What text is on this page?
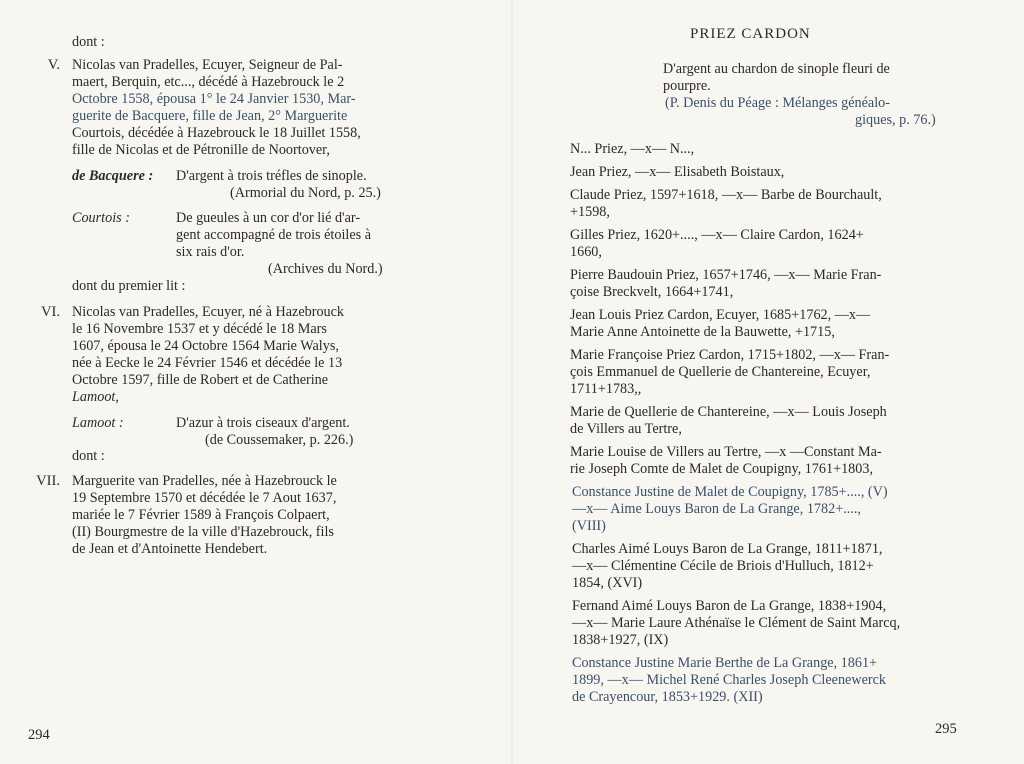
dont :
V. Nicolas van Pradelles, Ecuyer, Seigneur de Pal-
maert, Berquin, etc..., décédé à Hazebrouck le 2
Octobre 1558, épousa 1° le 24 Janvier 1530, Mar-
guerite de Bacquere, fille de Jean, 2° Marguerite
Courtois, décédée à Hazebrouck le 18 Juillet 1558,
fille de Nicolas et de Pétronille de Noortover,
de Bacquere : D'argent à trois tréfles de sinople.
(Armorial du Nord, p. 25.)
Courtois :	De gueules à un cor d'or lié d'ar-
gent accompagné de trois étoiles à
six rais d'or.
(Archives du Nord.)
dont du premier lit :
VI. Nicolas van Pradelles, Ecuyer, né à Hazebrouck
le 16 Novembre 1537 et y décédé le 18 Mars
1607, épousa le 24 Octobre 1564 Marie Walys,
née à Eecke le 24 Février 1546 et décédée le 13
Octobre 1597, fille de Robert et de Catherine
Lamoot,
Lamoot :	D'azur à trois ciseaux d'argent.
(de Coussemaker, p. 226.)
dont :
VII. Marguerite van Pradelles, née à Hazebrouck le
19 Septembre 1570 et décédée le 7 Aout 1637,
mariée le 7 Février 1589 à François Colpaert,
(II) Bourgmestre de la ville d'Hazebrouck, fils
de Jean et d'Antoinette Hendebert.
294
PRIEZ CARDON
D'argent au chardon de sinople fleuri de
pourpre.
(P. Denis du Péage : Mélanges généalo-
giques, p. 76.)
N... Priez, —x— N...,
Jean Priez, —x— Elisabeth Boistaux,
Claude Priez, 1597+1618, —x— Barbe de Bourchault,
+1598,
Gilles Priez, 1620+...., —x— Claire Cardon, 1624+
1660,
Pierre Baudouin Priez, 1657+1746, —x— Marie Fran-
çoise Breckvelt, 1664+1741,
Jean Louis Priez Cardon, Ecuyer, 1685+1762, —x—
Marie Anne Antoinette de la Bauwette, +1715,
Marie Françoise Priez Cardon, 1715+1802, —x— Fran-
çois Emmanuel de Quellerie de Chantereine, Ecuyer,
1711+1783,,
Marie de Quellerie de Chantereine, —x— Louis Joseph
de Villers au Tertre,
Marie Louise de Villers au Tertre, —x —Constant Ma-
rie Joseph Comte de Malet de Coupigny, 1761+1803,
Constance Justine de Malet de Coupigny, 1785+...., (V)
—x— Aime Louys Baron de La Grange, 1782+....,
(VIII)
Charles Aimé Louys Baron de La Grange, 1811+1871,
—x— Clémentine Cécile de Briois d'Hulluch, 1812+
1854, (XVI)
Fernand Aimé Louys Baron de La Grange, 1838+1904,
—x— Marie Laure Athénaïse le Clément de Saint Marcq,
1838+1927, (IX)
Constance Justine Marie Berthe de La Grange, 1861+
1899, —x— Michel René Charles Joseph Cleenewerck
de Crayencour, 1853+1929. (XII)
295
